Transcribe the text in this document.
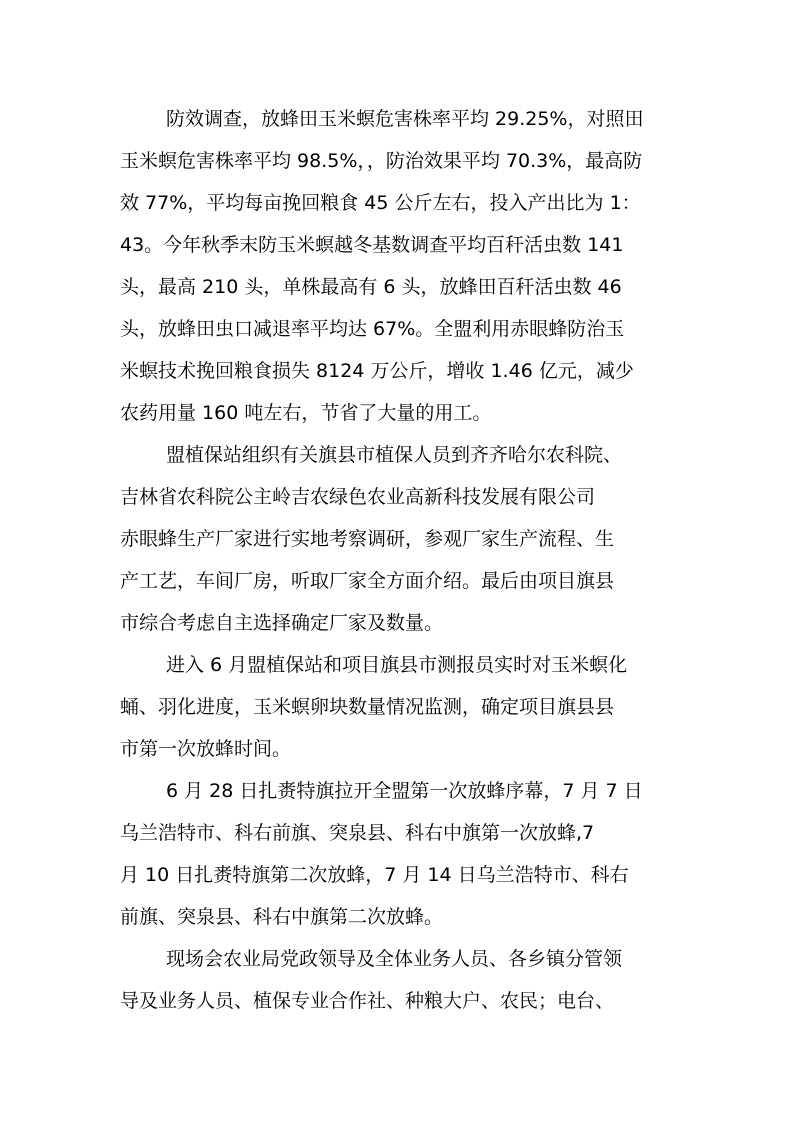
防效调查，放蜂田玉米螟危害株率平均 29.25%，对照田
玉米螟危害株率平均 98.5%，，防治效果平均 70.3%，最高防
效 77%，平均每亩挽回粮食 45 公斤左右，投入产出比为 1：
43。今年秋季末防玉米螟越冬基数调查平均百秆活虫数 141
头，最高 210 头，单株最高有 6 头，放蜂田百秆活虫数 46
头，放蜂田虫口减退率平均达 67%。全盟利用赤眼蜂防治玉
米螟技术挽回粮食损失 8124 万公斤，增收 1.46 亿元，减少
农药用量 160 吨左右，节省了大量的用工。
盟植保站组织有关旗县市植保人员到齐齐哈尔农科院、
吉林省农科院公主岭吉农绿色农业高新科技发展有限公司
赤眼蜂生产厂家进行实地考察调研，参观厂家生产流程、生
产工艺，车间厂房，听取厂家全方面介绍。最后由项目旗县
市综合考虑自主选择确定厂家及数量。
进入 6 月盟植保站和项目旗县市测报员实时对玉米螟化
蛹、羽化进度，玉米螟卵块数量情况监测，确定项目旗县县
市第一次放蜂时间。
6 月 28 日扎赉特旗拉开全盟第一次放蜂序幕，7 月 7 日
乌兰浩特市、科右前旗、突泉县、科右中旗第一次放蜂,7
月 10 日扎赉特旗第二次放蜂，7 月 14 日乌兰浩特市、科右
前旗、突泉县、科右中旗第二次放蜂。
现场会农业局党政领导及全体业务人员、各乡镇分管领
导及业务人员、植保专业合作社、种粮大户、农民；电台、
